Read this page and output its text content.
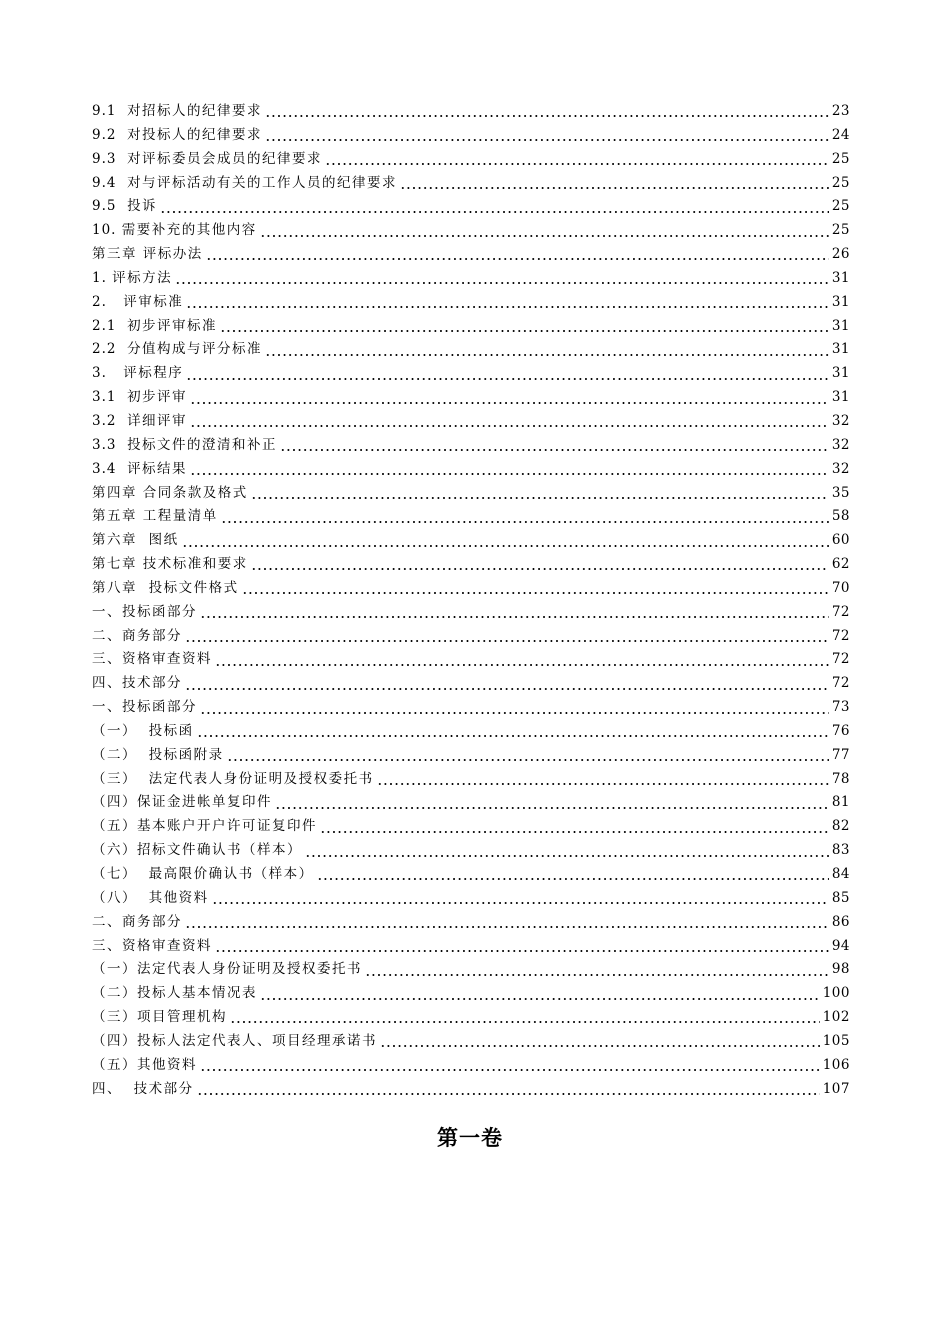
9.1 对招标人的纪律要求	23
9.2 对投标人的纪律要求	24
9.3 对评标委员会成员的纪律要求	25
9.4 对与评标活动有关的工作人员的纪律要求	25
9.5 投诉	25
10. 需要补充的其他内容	25
第三章 评标办法	26
1. 评标方法	31
2. 评审标准	31
2.1 初步评审标准	31
2.2 分值构成与评分标准	31
3. 评标程序	31
3.1 初步评审	31
3.2 详细评审	32
3.3 投标文件的澄清和补正	32
3.4 评标结果	32
第四章 合同条款及格式	35
第五章 工程量清单	58
第六章  图纸	60
第七章 技术标准和要求	62
第八章  投标文件格式	70
一、投标函部分	72
二、商务部分	72
三、资格审查资料	72
四、技术部分	72
一、投标函部分	73
（一）  投标函	76
（二）  投标函附录	77
（三）  法定代表人身份证明及授权委托书	78
（四）保证金进帐单复印件	81
（五）基本账户开户许可证复印件	82
（六）招标文件确认书（样本）	83
（七）  最高限价确认书（样本）	84
（八）  其他资料	85
二、商务部分	86
三、资格审查资料	94
（一）法定代表人身份证明及授权委托书	98
（二）投标人基本情况表	100
（三）项目管理机构	102
（四）投标人法定代表人、项目经理承诺书	105
（五）其他资料	106
四、  技术部分	107
第一卷
